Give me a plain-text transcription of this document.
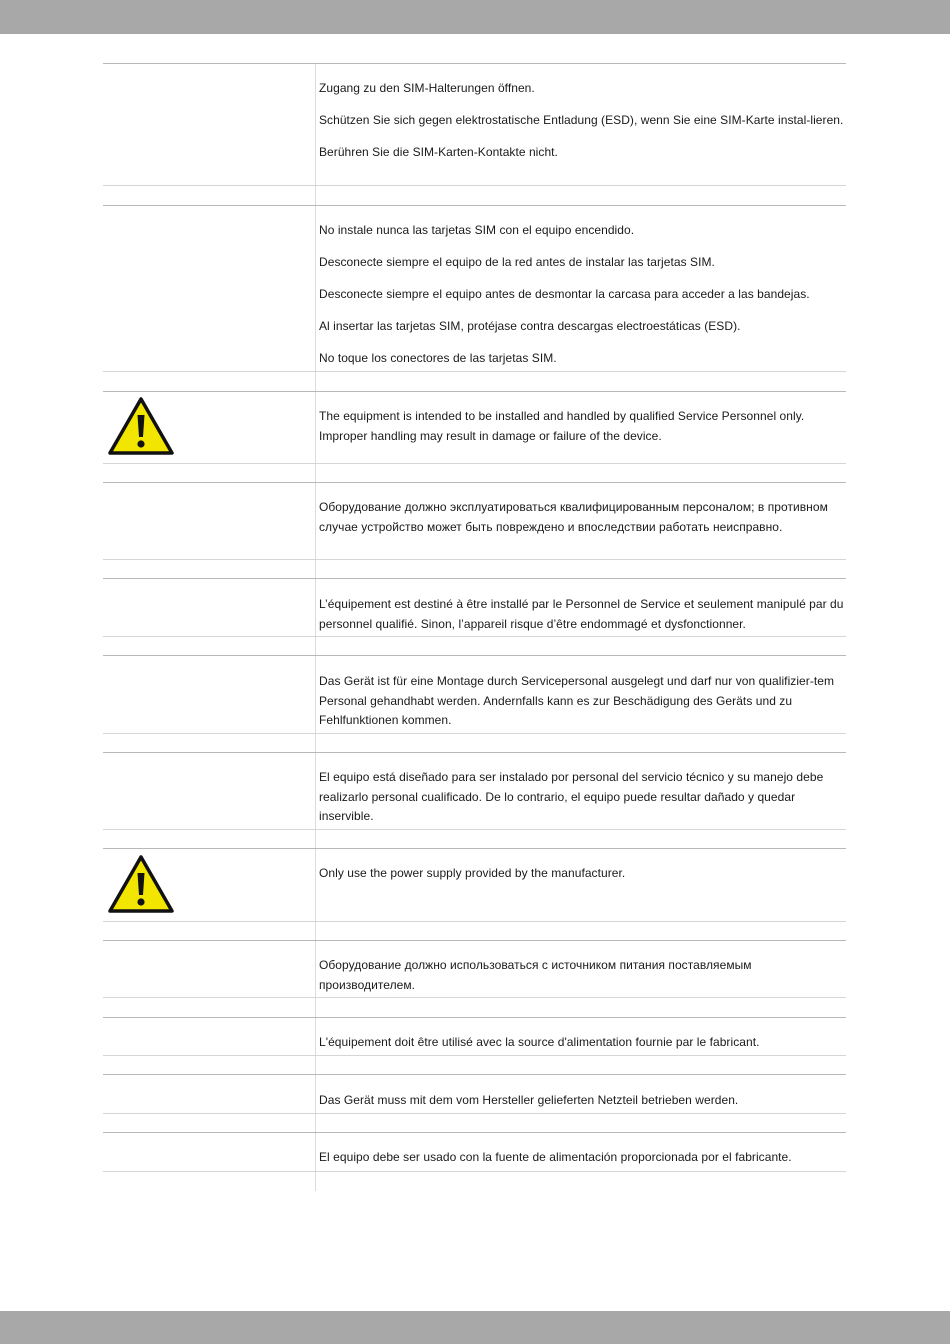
Zugang zu den SIM-Halterungen öffnen.

Schützen Sie sich gegen elektrostatische Entladung (ESD), wenn Sie eine SIM-Karte instal-lieren.

Berühren Sie die SIM-Karten-Kontakte nicht.

No instale nunca las tarjetas SIM con el equipo encendido.

Desconecte siempre el equipo de la red antes de instalar las tarjetas SIM.

Desconecte siempre el equipo antes de desmontar la carcasa para acceder a las bandejas.

Al insertar las tarjetas SIM, protéjase contra descargas electroestáticas (ESD).

No toque los conectores de las tarjetas SIM.

The equipment is intended to be installed and handled by qualified Service Personnel only. Improper handling may result in damage or failure of the device.

Оборудование должно эксплуатироваться квалифицированным персоналом; в противном случае устройство может быть повреждено и впоследствии работать неисправно.

L’équipement est destiné à être installé par le Personnel de Service et seulement manipulé par du personnel qualifié. Sinon, l’appareil risque d’être endommagé et dysfonctionner.

Das Gerät ist für eine Montage durch Servicepersonal ausgelegt und darf nur von qualifizier-tem Personal gehandhabt werden. Andernfalls kann es zur Beschädigung des Geräts und zu Fehlfunktionen kommen.

El equipo está diseñado para ser instalado por personal del servicio técnico y su manejo debe realizarlo personal cualificado. De lo contrario, el equipo puede resultar dañado y quedar inservible.

Only use the power supply provided by the manufacturer.

Оборудование должно использоваться с источником питания поставляемым производителем.

L'équipement doit être utilisé avec la source d'alimentation fournie par le fabricant.

Das Gerät muss mit dem vom Hersteller gelieferten Netzteil betrieben werden.

El equipo debe ser usado con la fuente de alimentación proporcionada por el fabricante.
